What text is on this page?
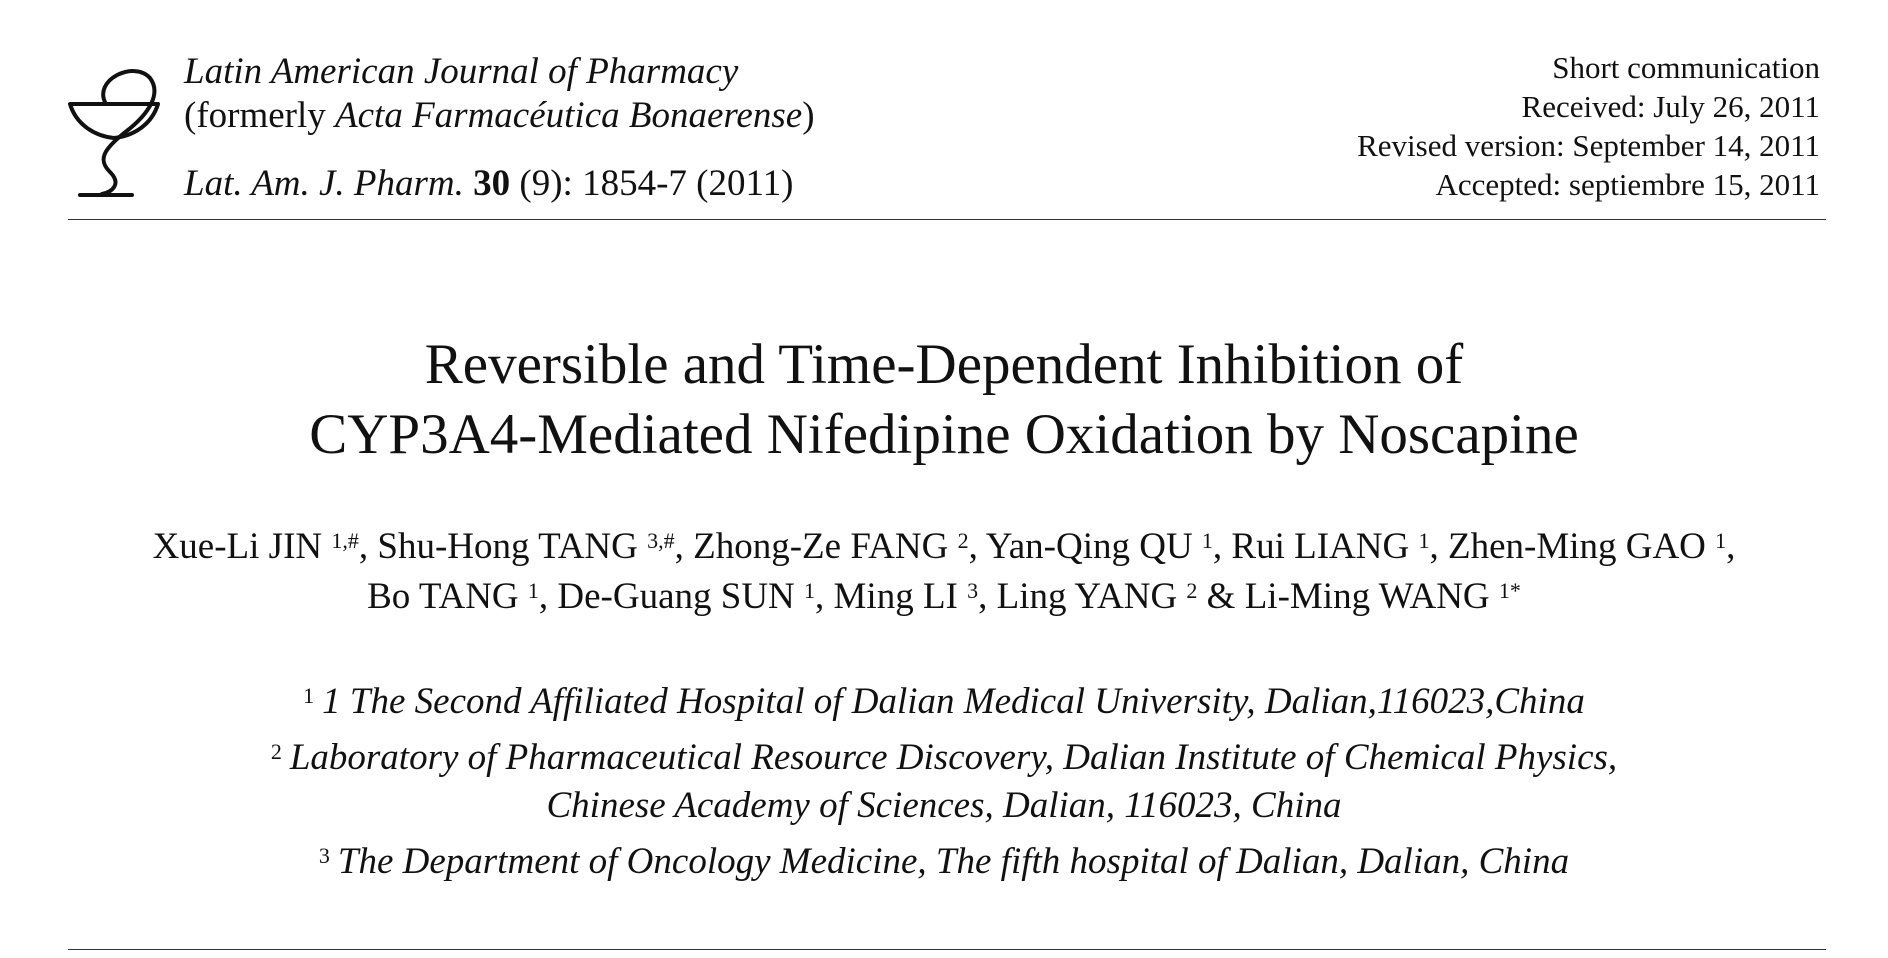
Latin American Journal of Pharmacy
(formerly Acta Farmacéutica Bonaerense)
Lat. Am. J. Pharm. 30 (9): 1854-7 (2011)
Short communication
Received: July 26, 2011
Revised version: September 14, 2011
Accepted: septiembre 15, 2011
Reversible and Time-Dependent Inhibition of
CYP3A4-Mediated Nifedipine Oxidation by Noscapine
Xue-Li JIN $^{1,\#}$, Shu-Hong TANG $^{3,\#}$, Zhong-Ze FANG $^2$, Yan-Qing QU $^1$, Rui LIANG $^1$, Zhen-Ming GAO $^1$,
Bo TANG $^1$, De-Guang SUN $^1$, Ming LI $^3$, Ling YANG $^2$ & Li-Ming WANG $^{1*}$
$^1$ 1 The Second Affiliated Hospital of Dalian Medical University, Dalian,116023,China
$^2$ Laboratory of Pharmaceutical Resource Discovery, Dalian Institute of Chemical Physics,
Chinese Academy of Sciences, Dalian, 116023, China
$^3$ The Department of Oncology Medicine, The fifth hospital of Dalian, Dalian, China
